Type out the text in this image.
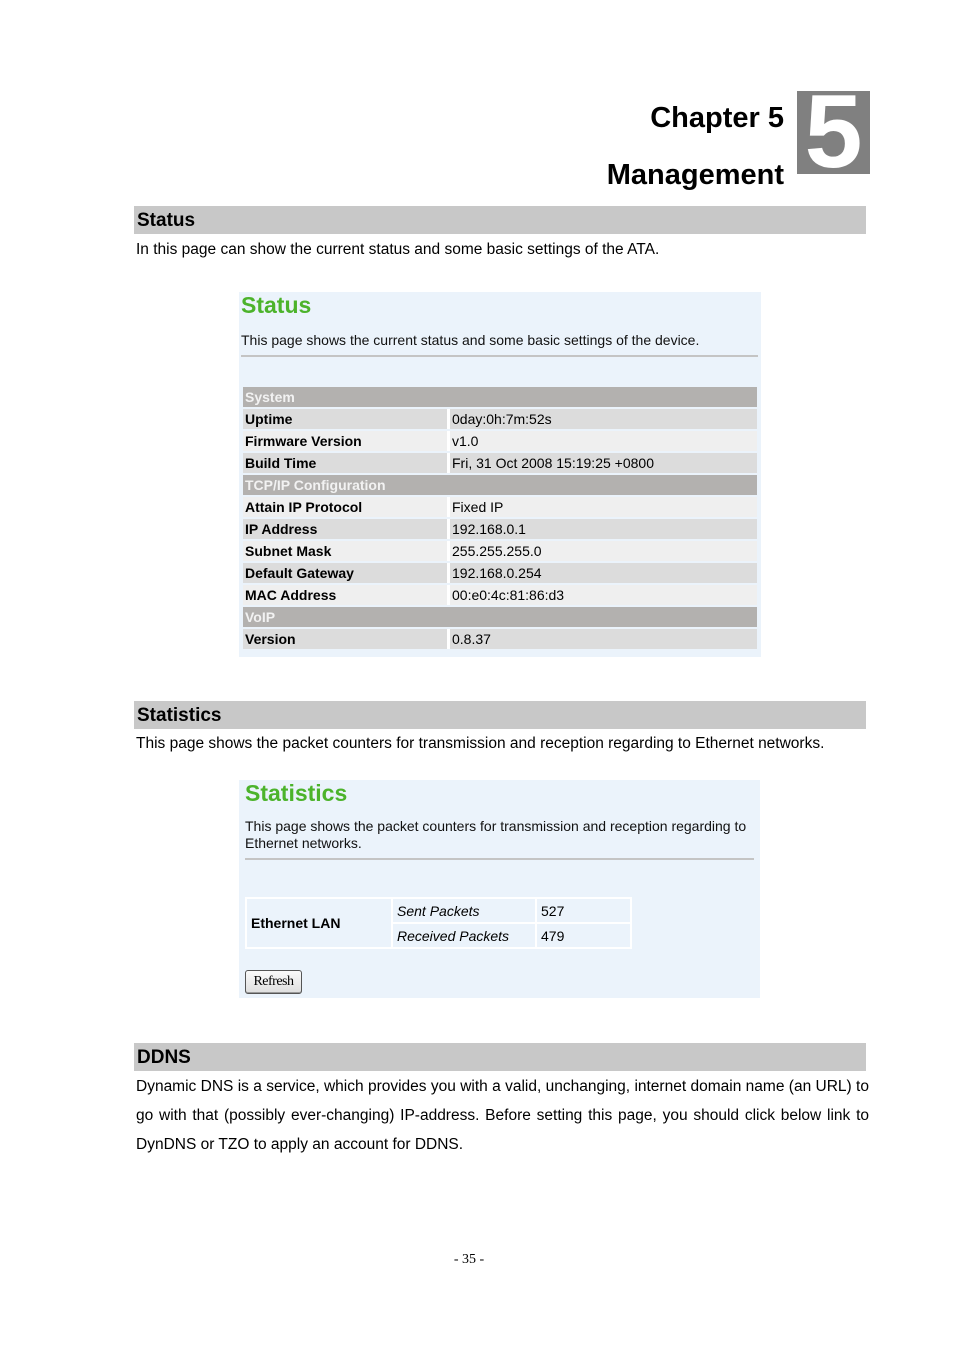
Chapter 5
Management 5
Status
In this page can show the current status and some basic settings of the ATA.
Status
This page shows the current status and some basic settings of the device.
System	
Uptime	0day:0h:7m:52s
Firmware Version	v1.0
Build Time	Fri, 31 Oct 2008 15:19:25 +0800
TCP/IP Configuration	
Attain IP Protocol	Fixed IP
IP Address	192.168.0.1
Subnet Mask	255.255.255.0
Default Gateway	192.168.0.254
MAC Address	00:e0:4c:81:86:d3
VoIP	
Version	0.8.37
Statistics
This page shows the packet counters for transmission and reception regarding to Ethernet networks.
Statistics
This page shows the packet counters for transmission and reception regarding to Ethernet networks.
Ethernet LAN	Sent Packets	527
	Received Packets	479
Refresh
DDNS
Dynamic DNS is a service, which provides you with a valid, unchanging, internet domain name (an URL) to go with that (possibly ever-changing) IP-address. Before setting this page, you should click below link to DynDNS or TZO to apply an account for DDNS.
- 35 -
